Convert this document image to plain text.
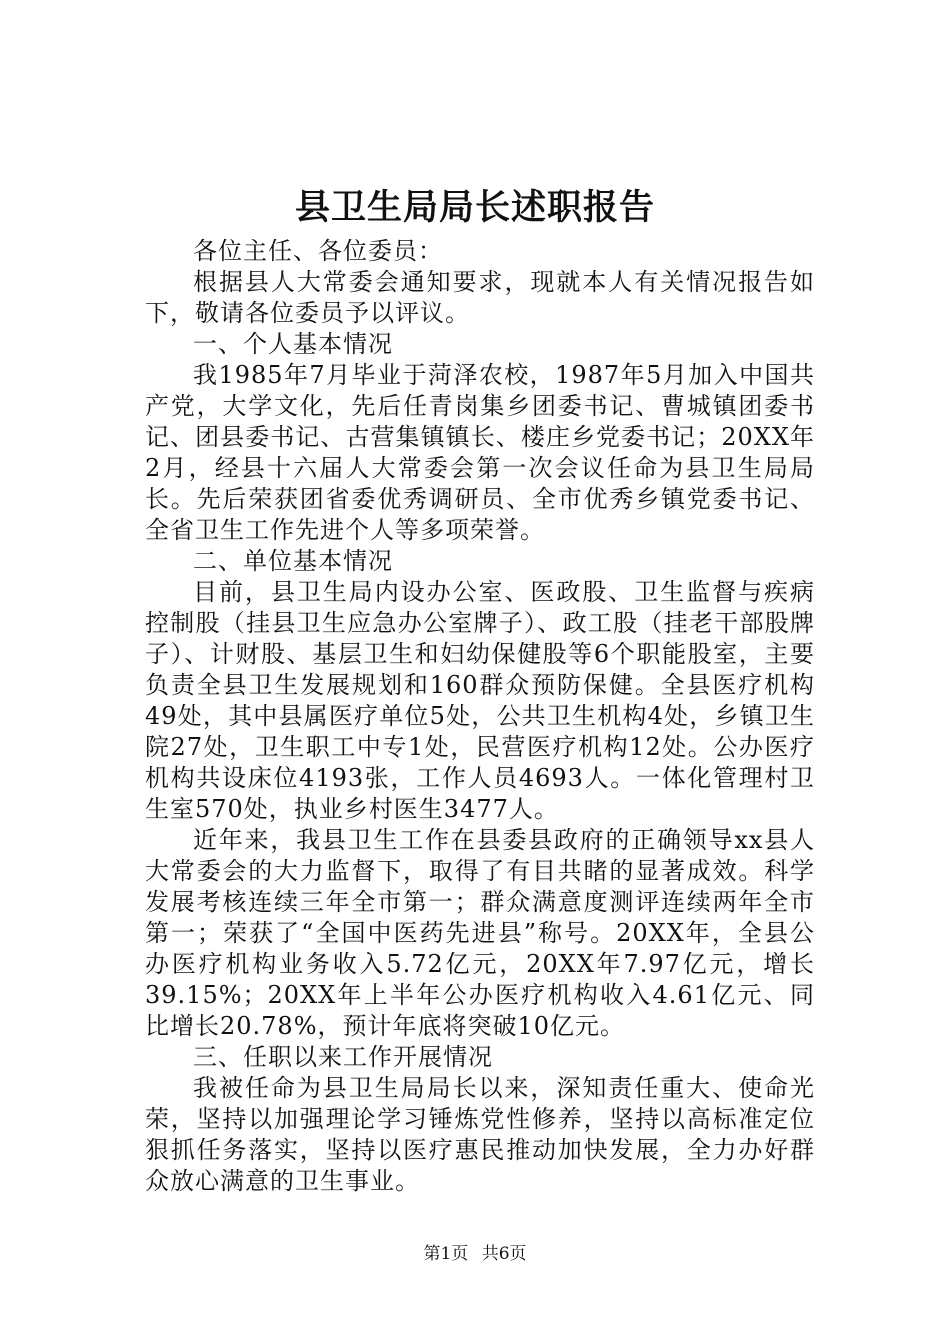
县卫生局局长述职报告

各位主任、各位委员：

根据县人大常委会通知要求，现就本人有关情况报告如下，敬请各位委员予以评议。

一、个人基本情况

我1985年7月毕业于菏泽农校，1987年5月加入中国共产党，大学文化，先后任青岗集乡团委书记、曹城镇团委书记、团县委书记、古营集镇镇长、楼庄乡党委书记；20XX年2月，经县十六届人大常委会第一次会议任命为县卫生局局长。先后荣获团省委优秀调研员、全市优秀乡镇党委书记、全省卫生工作先进个人等多项荣誉。

二、单位基本情况

目前，县卫生局内设办公室、医政股、卫生监督与疾病控制股（挂县卫生应急办公室牌子）、政工股（挂老干部股牌子）、计财股、基层卫生和妇幼保健股等6个职能股室，主要负责全县卫生发展规划和160群众预防保健。全县医疗机构49处，其中县属医疗单位5处，公共卫生机构4处，乡镇卫生院27处，卫生职工中专1处，民营医疗机构12处。公办医疗机构共设床位4193张，工作人员4693人。一体化管理村卫生室570处，执业乡村医生3477人。

近年来，我县卫生工作在县委县政府的正确领导xx县人大常委会的大力监督下，取得了有目共睹的显著成效。科学发展考核连续三年全市第一；群众满意度测评连续两年全市第一；荣获了“全国中医药先进县”称号。20XX年，全县公办医疗机构业务收入5.72亿元，20XX年7.97亿元，增长39.15%；20XX年上半年公办医疗机构收入4.61亿元、同比增长20.78%，预计年底将突破10亿元。

三、任职以来工作开展情况

我被任命为县卫生局局长以来，深知责任重大、使命光荣，坚持以加强理论学习锤炼党性修养，坚持以高标准定位狠抓任务落实，坚持以医疗惠民推动加快发展，全力办好群众放心满意的卫生事业。

第1页 共6页
